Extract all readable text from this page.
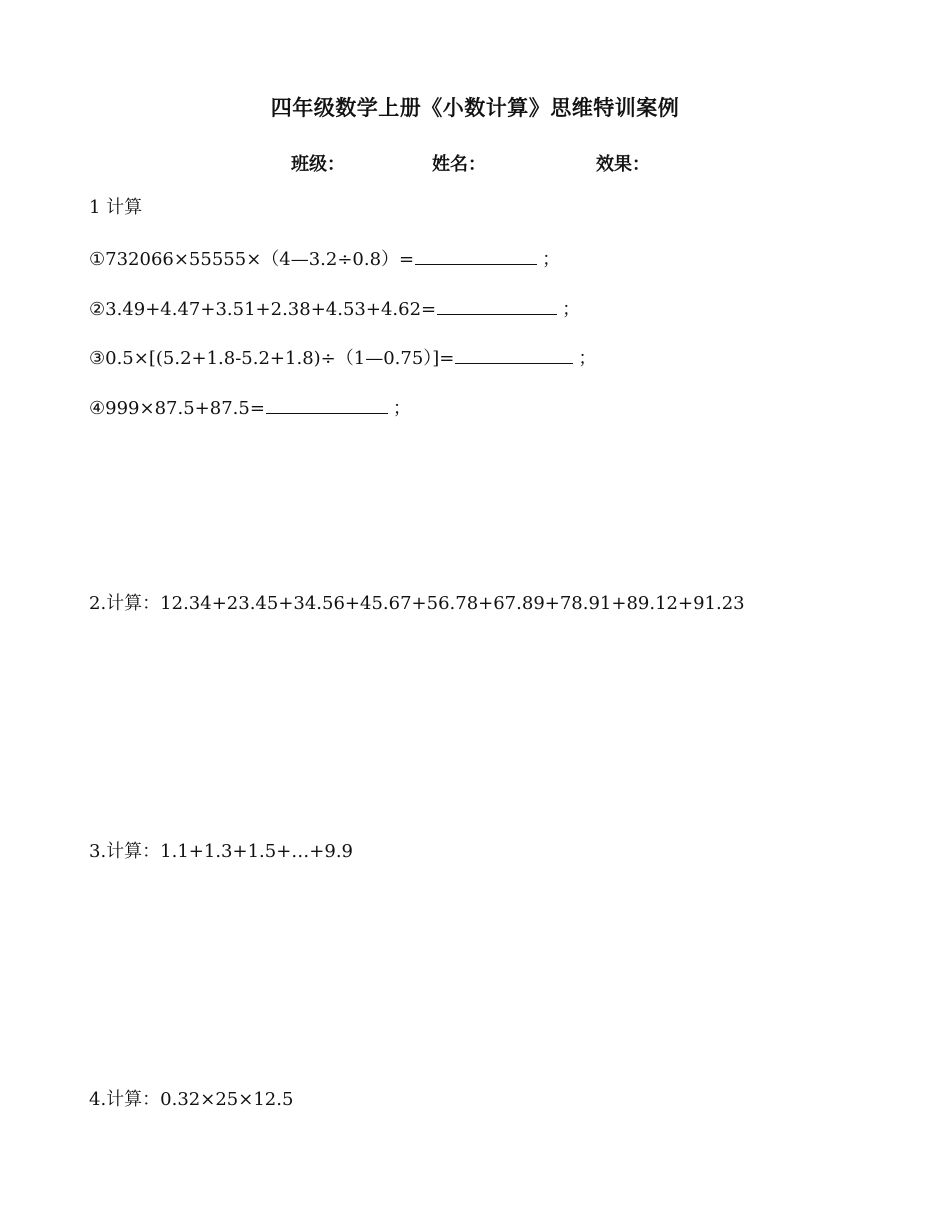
四年级数学上册《小数计算》思维特训案例
班级：	姓名：	效果：
1 计算
①732066×55555×（4—3.2÷0.8）=	；
②3.49+4.47+3.51+2.38+4.53+4.62=	；
③0.5×[(5.2+1.8-5.2+1.8)÷（1—0.75）]=	；
④999×87.5+87.5=	；
2.计算：12.34+23.45+34.56+45.67+56.78+67.89+78.91+89.12+91.23
3.计算：1.1+1.3+1.5+…+9.9
4.计算：0.32×25×12.5
